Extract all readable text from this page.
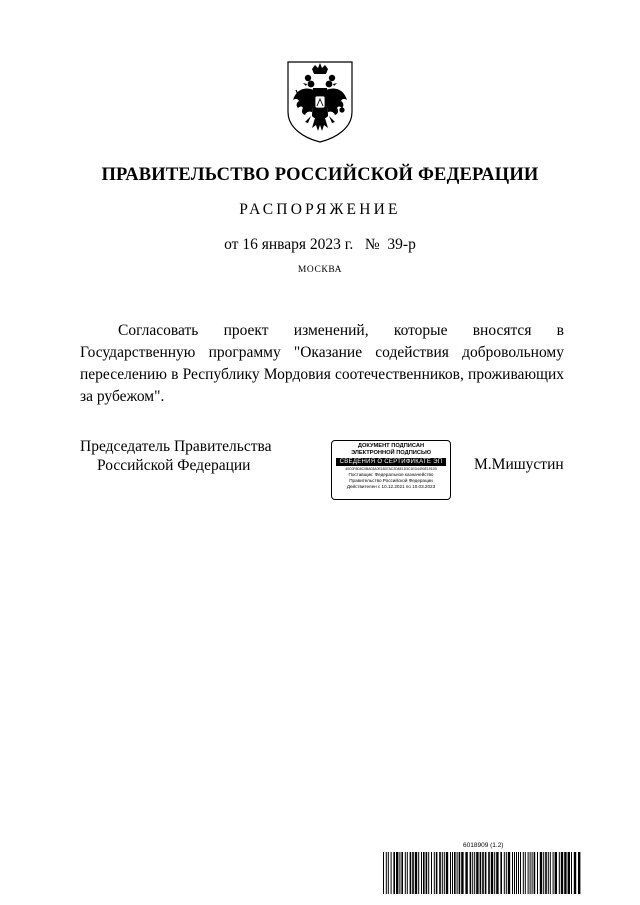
ПРАВИТЕЛЬСТВО РОССИЙСКОЙ ФЕДЕРАЦИИ
РАСПОРЯЖЕНИЕ
от 16 января 2023 г. № 39-р
МОСКВА

Согласовать проект изменений, которые вносятся в Государственную программу "Оказание содействия добровольному переселению в Республику Мордовия соотечественников, проживающих за рубежом".

Председатель Правительства
Российской Федерации
ДОКУМЕНТ ПОДПИСАН
ЭЛЕКТРОННОЙ ПОДПИСЬЮ
СВЕДЕНИЯ О СЕРТИФИКАТЕ ЭП
40C0F8D5C0BA03A0E1B07AC2D8E1D3C1ED4490E1912B
Поставщик: Федеральное казначейство
Правительство Российской Федерации
Действителен с 10.12.2021 по 10.03.2023
М.Мишустин
6018909 (1.2)
